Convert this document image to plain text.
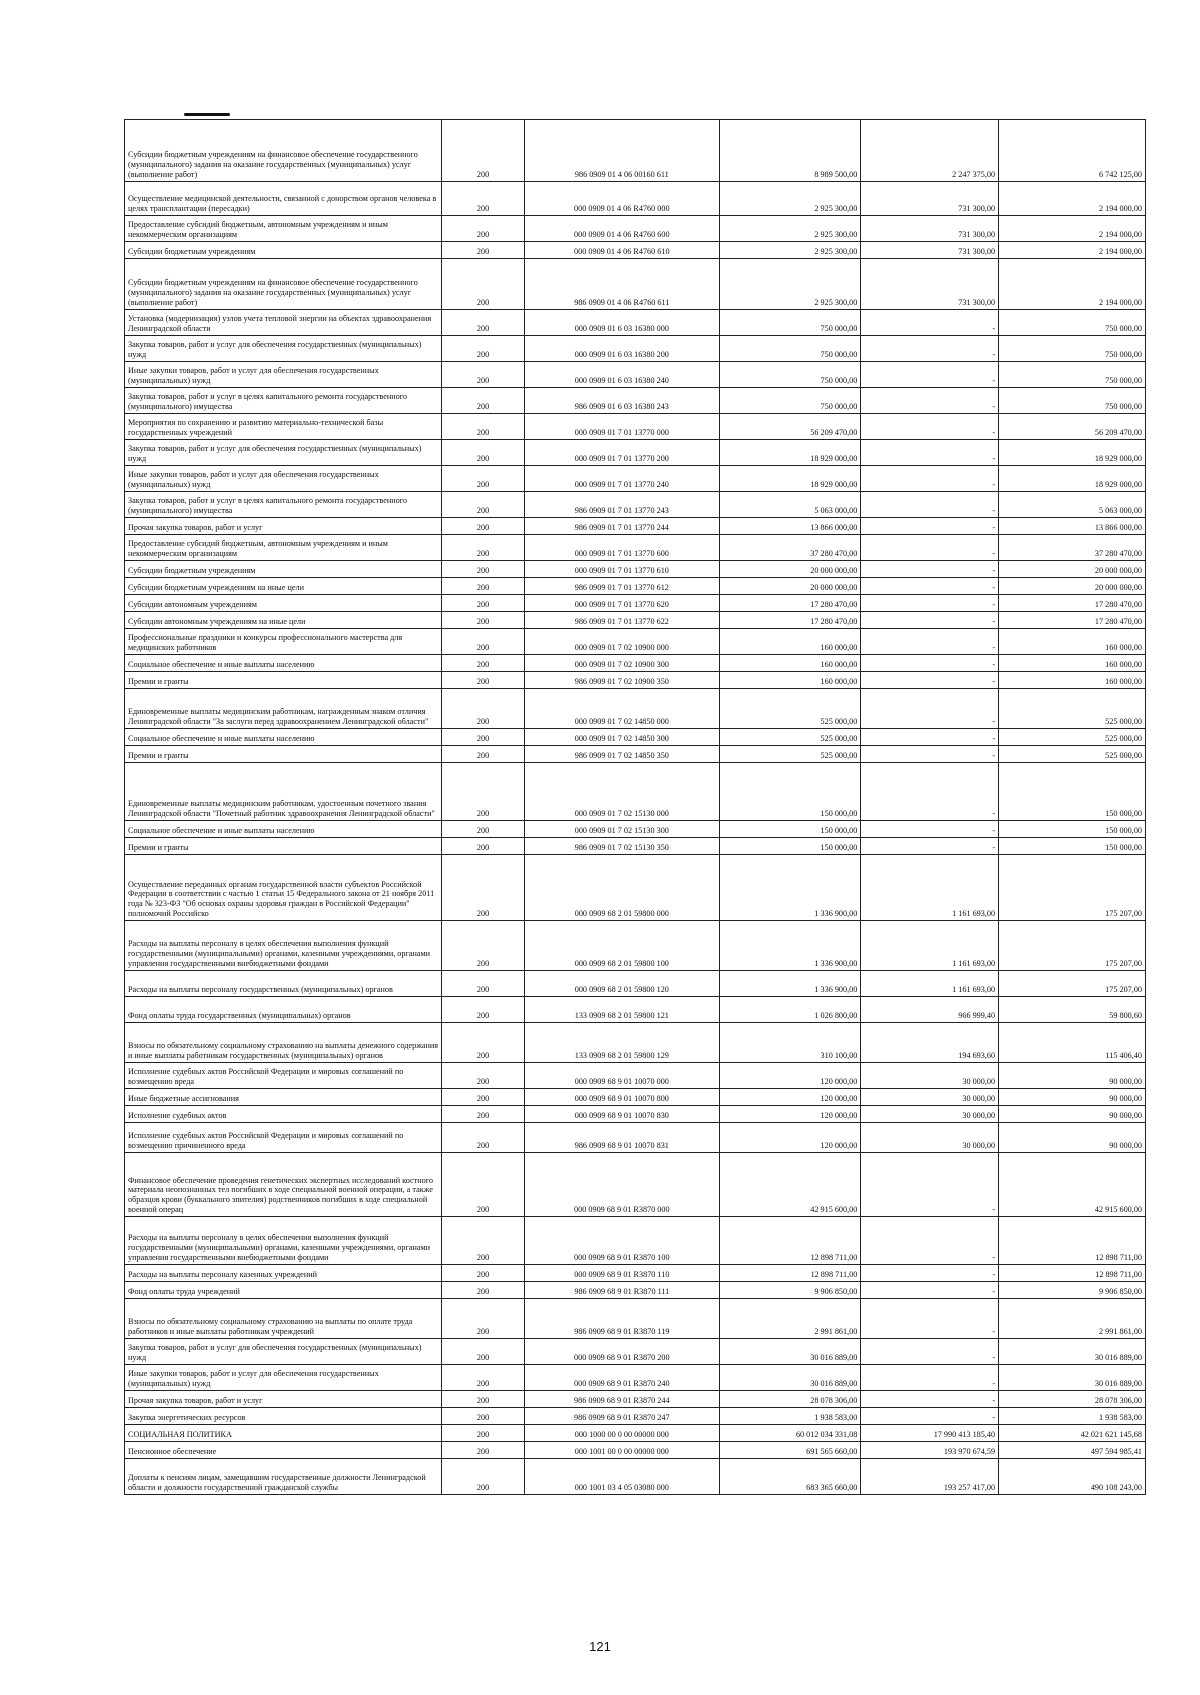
Субсидии бюджетным учреждениям на финансовое обеспечение государственного (муниципального) задания на оказание государственных (муниципальных) услуг (выполнение работ)	200	986 0909 01 4 06 00160 611	8 989 500,00	2 247 375,00	6 742 125,00
Осуществление медицинской деятельности, связанной с донорством органов человека в целях трансплантации (пересадки)	200	000 0909 01 4 06 R4760 000	2 925 300,00	731 300,00	2 194 000,00
Предоставление субсидий бюджетным, автономным учреждениям и иным некоммерческим организациям	200	000 0909 01 4 06 R4760 600	2 925 300,00	731 300,00	2 194 000,00
Субсидии бюджетным учреждениям	200	000 0909 01 4 06 R4760 610	2 925 300,00	731 300,00	2 194 000,00
Субсидии бюджетным учреждениям на финансовое обеспечение государственного (муниципального) задания на оказание государственных (муниципальных) услуг (выполнение работ)	200	986 0909 01 4 06 R4760 611	2 925 300,00	731 300,00	2 194 000,00
Установка (модернизация) узлов учета тепловой энергии на объектах здравоохранения Ленинградской области	200	000 0909 01 6 03 16380 000	750 000,00	-	750 000,00
Закупка товаров, работ и услуг для обеспечения государственных (муниципальных) нужд	200	000 0909 01 6 03 16380 200	750 000,00	-	750 000,00
Иные закупки товаров, работ и услуг для обеспечения государственных (муниципальных) нужд	200	000 0909 01 6 03 16380 240	750 000,00	-	750 000,00
Закупка товаров, работ и услуг в целях капитального ремонта государственного (муниципального) имущества	200	986 0909 01 6 03 16380 243	750 000,00	-	750 000,00
Мероприятия по сохранению и развитию материально-технической базы государственных учреждений	200	000 0909 01 7 01 13770 000	56 209 470,00	-	56 209 470,00
Закупка товаров, работ и услуг для обеспечения государственных (муниципальных) нужд	200	000 0909 01 7 01 13770 200	18 929 000,00	-	18 929 000,00
Иные закупки товаров, работ и услуг для обеспечения государственных (муниципальных) нужд	200	000 0909 01 7 01 13770 240	18 929 000,00	-	18 929 000,00
Закупка товаров, работ и услуг в целях капитального ремонта государственного (муниципального) имущества	200	986 0909 01 7 01 13770 243	5 063 000,00	-	5 063 000,00
Прочая закупка товаров, работ и услуг	200	986 0909 01 7 01 13770 244	13 866 000,00	-	13 866 000,00
Предоставление субсидий бюджетным, автономным учреждениям и иным некоммерческим организациям	200	000 0909 01 7 01 13770 600	37 280 470,00	-	37 280 470,00
Субсидии бюджетным учреждениям	200	000 0909 01 7 01 13770 610	20 000 000,00	-	20 000 000,00
Субсидии бюджетным учреждениям на иные цели	200	986 0909 01 7 01 13770 612	20 000 000,00	-	20 000 000,00
Субсидии автономным учреждениям	200	000 0909 01 7 01 13770 620	17 280 470,00	-	17 280 470,00
Субсидии автономным учреждениям на иные цели	200	986 0909 01 7 01 13770 622	17 280 470,00	-	17 280 470,00
Профессиональные праздники и конкурсы профессионального мастерства для медицинских работников	200	000 0909 01 7 02 10900 000	160 000,00	-	160 000,00
Социальное обеспечение и иные выплаты населению	200	000 0909 01 7 02 10900 300	160 000,00	-	160 000,00
Премии и гранты	200	986 0909 01 7 02 10900 350	160 000,00	-	160 000,00
Единовременные выплаты медицинским работникам, награжденным знаком отличия Ленинградской области "За заслуги перед здравоохранением Ленинградской области"	200	000 0909 01 7 02 14850 000	525 000,00	-	525 000,00
Социальное обеспечение и иные выплаты населению	200	000 0909 01 7 02 14850 300	525 000,00	-	525 000,00
Премии и гранты	200	986 0909 01 7 02 14850 350	525 000,00	-	525 000,00
Единовременные выплаты медицинским работникам, удостоенным почетного звания Ленинградской области "Почетный работник здравоохранения Ленинградской области"	200	000 0909 01 7 02 15130 000	150 000,00	-	150 000,00
Социальное обеспечение и иные выплаты населению	200	000 0909 01 7 02 15130 300	150 000,00	-	150 000,00
Премии и гранты	200	986 0909 01 7 02 15130 350	150 000,00	-	150 000,00
Осуществление переданных органам государственной власти субъектов Российской Федерации в соответствии с частью 1 статьи 15 Федерального закона от 21 ноября 2011 года № 323-ФЗ "Об основах охраны здоровья граждан в Российской Федерации" полномочий Российско	200	000 0909 68 2 01 59800 000	1 336 900,00	1 161 693,00	175 207,00
Расходы на выплаты персоналу в целях обеспечения выполнения функций государственными (муниципальными) органами, казенными учреждениями, органами управления государственными внебюджетными фондами	200	000 0909 68 2 01 59800 100	1 336 900,00	1 161 693,00	175 207,00
Расходы на выплаты персоналу государственных (муниципальных) органов	200	000 0909 68 2 01 59800 120	1 336 900,00	1 161 693,00	175 207,00
Фонд оплаты труда государственных (муниципальных) органов	200	133 0909 68 2 01 59800 121	1 026 800,00	966 999,40	59 800,60
Взносы по обязательному социальному страхованию на выплаты денежного содержания и иные выплаты работникам государственных (муниципальных) органов	200	133 0909 68 2 01 59800 129	310 100,00	194 693,60	115 406,40
Исполнение судебных актов Российской Федерации и мировых соглашений по возмещению вреда	200	000 0909 68 9 01 10070 000	120 000,00	30 000,00	90 000,00
Иные бюджетные ассигнования	200	000 0909 68 9 01 10070 800	120 000,00	30 000,00	90 000,00
Исполнение судебных актов	200	000 0909 68 9 01 10070 830	120 000,00	30 000,00	90 000,00
Исполнение судебных актов Российской Федерации и мировых соглашений по возмещению причиненного вреда	200	986 0909 68 9 01 10070 831	120 000,00	30 000,00	90 000,00
Финансовое обеспечение проведения генетических экспертных исследований костного материала неопознанных тел погибших в ходе специальной военной операции, а также образцов крови (буккального эпителия) родственников погибших в ходе специальной военной операц	200	000 0909 68 9 01 R3870 000	42 915 600,00	-	42 915 600,00
Расходы на выплаты персоналу в целях обеспечения выполнения функций государственными (муниципальными) органами, казенными учреждениями, органами управления государственными внебюджетными фондами	200	000 0909 68 9 01 R3870 100	12 898 711,00	-	12 898 711,00
Расходы на выплаты персоналу казенных учреждений	200	000 0909 68 9 01 R3870 110	12 898 711,00	-	12 898 711,00
Фонд оплаты труда учреждений	200	986 0909 68 9 01 R3870 111	9 906 850,00	-	9 906 850,00
Взносы по обязательному социальному страхованию на выплаты по оплате труда работников и иные выплаты работникам учреждений	200	986 0909 68 9 01 R3870 119	2 991 861,00	-	2 991 861,00
Закупка товаров, работ и услуг для обеспечения государственных (муниципальных) нужд	200	000 0909 68 9 01 R3870 200	30 016 889,00	-	30 016 889,00
Иные закупки товаров, работ и услуг для обеспечения государственных (муниципальных) нужд	200	000 0909 68 9 01 R3870 240	30 016 889,00	-	30 016 889,00
Прочая закупка товаров, работ и услуг	200	986 0909 68 9 01 R3870 244	28 078 306,00	-	28 078 306,00
Закупка энергетических ресурсов	200	986 0909 68 9 01 R3870 247	1 938 583,00	-	1 938 583,00
СОЦИАЛЬНАЯ ПОЛИТИКА	200	000 1000 00 0 00 00000 000	60 012 034 331,08	17 990 413 185,40	42 021 621 145,68
Пенсионное обеспечение	200	000 1001 00 0 00 00000 000	691 565 660,00	193 970 674,59	497 594 985,41
Доплаты к пенсиям лицам, замещавшим государственные должности Ленинградской области и должности государственной гражданской службы	200	000 1001 03 4 05 03080 000	683 365 660,00	193 257 417,00	490 108 243,00
121
